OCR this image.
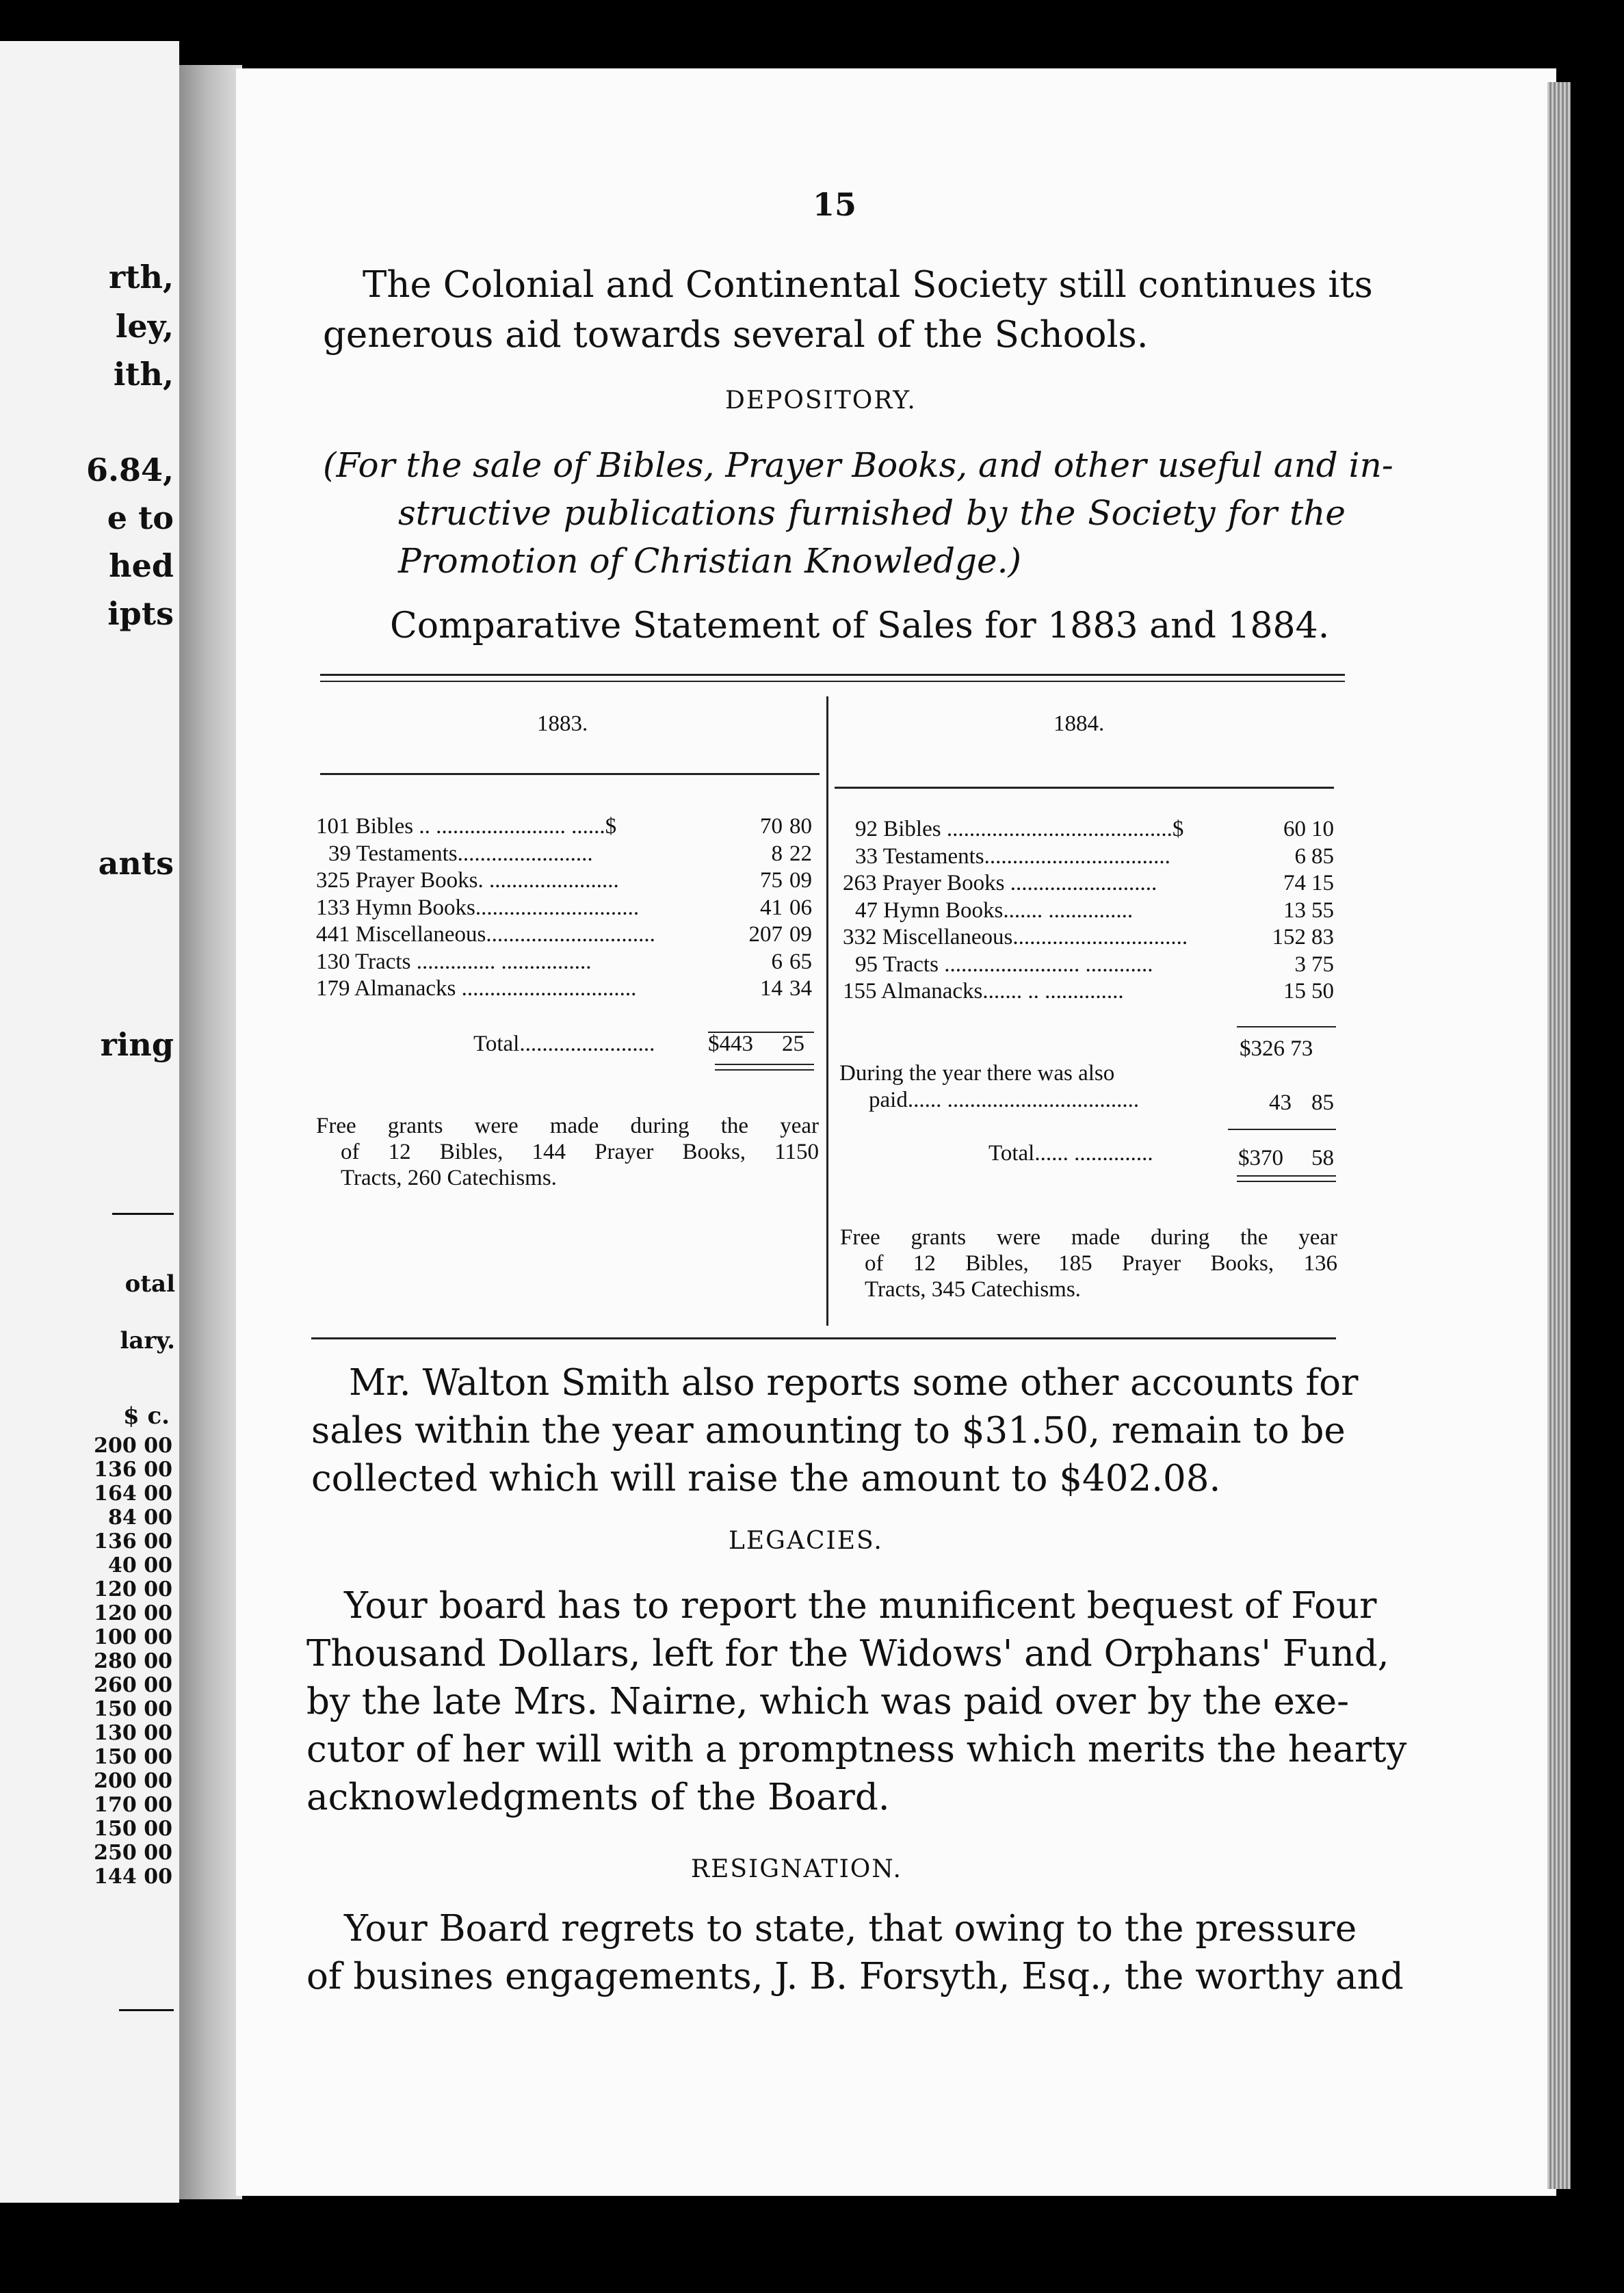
rth,
ley,
ith,
6.84,
e to
hed
ipts
ants
ring
otal
lary.
$ c.
200 00
136 00
164 00
84 00
136 00
40 00
120 00
120 00
100 00
280 00
260 00
150 00
130 00
150 00
200 00
170 00
150 00
250 00
144 00
15
The Colonial and Continental Society still continues its
generous aid towards several of the Schools.
DEPOSITORY.
(For the sale of Bibles, Prayer Books, and other useful and in-
structive publications furnished by the Society for the
Promotion of Christian Knowledge.)
Comparative Statement of Sales for 1883 and 1884.
1883.	1884.
101 Bibles .. ....................... ......$	70 80
39 Testaments........................	8 22
325 Prayer Books. .......................	75 09
133 Hymn Books.............................	41 06
441 Miscellaneous..............................	207 09
130 Tracts .............. ................	6 65
179 Almanacks ...............................	14 34
92 Bibles ........................................$	60 10
33 Testaments.................................	6 85
263 Prayer Books ..........................	74 15
47 Hymn Books....... ...............	13 55
332 Miscellaneous...............................	152 83
95 Tracts ........................ ............	3 75
155 Almanacks....... .. ..............	15 50
Total........................ $443 25
Free grants were made during the year
of 12 Bibles, 144 Prayer Books, 1150
Tracts, 260 Catechisms.
$326 73
During the year there was also
paid...... ..................................	43 85
Total...... ..............	$370 58
Free grants were made during the year
of 12 Bibles, 185 Prayer Books, 136
Tracts, 345 Catechisms.
Mr. Walton Smith also reports some other accounts for
sales within the year amounting to $31.50, remain to be
collected which will raise the amount to $402.08.
LEGACIES.
Your board has to report the munificent bequest of Four
Thousand Dollars, left for the Widows' and Orphans' Fund,
by the late Mrs. Nairne, which was paid over by the exe-
cutor of her will with a promptness which merits the hearty
acknowledgments of the Board.
RESIGNATION.
Your Board regrets to state, that owing to the pressure
of busines engagements, J. B. Forsyth, Esq., the worthy and
